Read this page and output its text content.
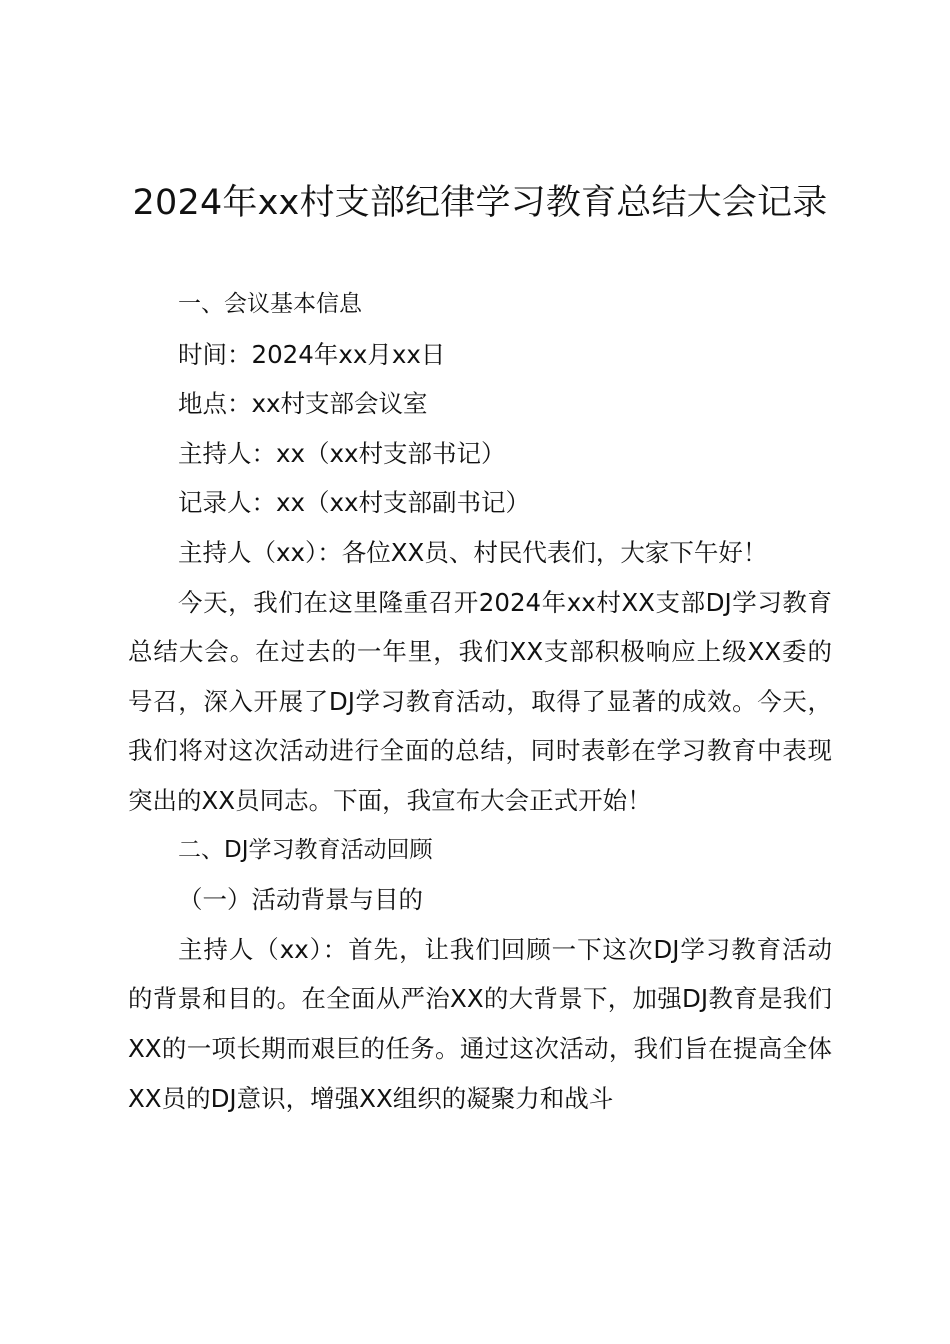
2024年xx村支部纪律学习教育总结大会记录

一、会议基本信息

时间：2024年xx月xx日

地点：xx村支部会议室

主持人：xx（xx村支部书记）

记录人：xx（xx村支部副书记）

主持人（xx）：各位XX员、村民代表们，大家下午好！

今天，我们在这里隆重召开2024年xx村XX支部DJ学习教育总结大会。在过去的一年里，我们XX支部积极响应上级XX委的号召，深入开展了DJ学习教育活动，取得了显著的成效。今天，我们将对这次活动进行全面的总结，同时表彰在学习教育中表现突出的XX员同志。下面，我宣布大会正式开始！

二、DJ学习教育活动回顾

（一）活动背景与目的

主持人（xx）：首先，让我们回顾一下这次DJ学习教育活动的背景和目的。在全面从严治XX的大背景下，加强DJ教育是我们XX的一项长期而艰巨的任务。通过这次活动，我们旨在提高全体XX员的DJ意识，增强XX组织的凝聚力和战斗
